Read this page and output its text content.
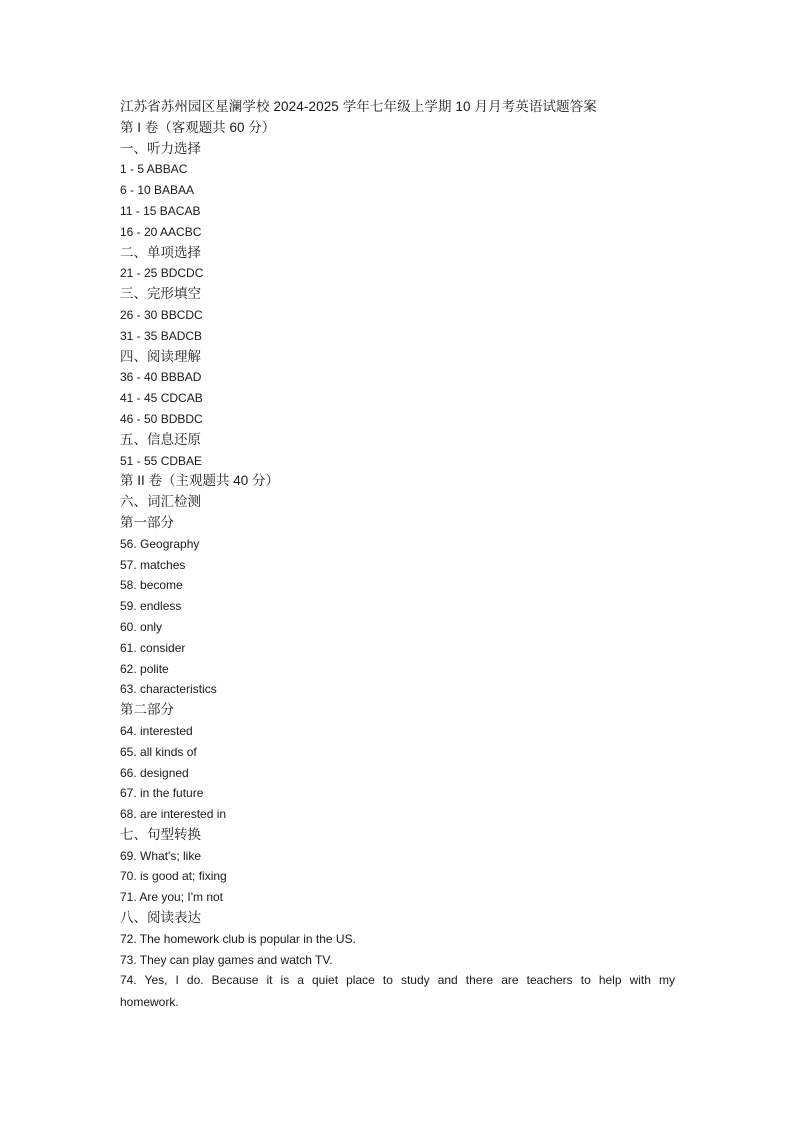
江苏省苏州园区星澜学校 2024-2025 学年七年级上学期 10 月月考英语试题答案

第 I 卷（客观题共 60 分）

一、听力选择

1 - 5 ABBAC

6 - 10 BABAA

11 - 15 BACAB

16 - 20 AACBC

二、单项选择

21 - 25 BDCDC

三、完形填空

26 - 30 BBCDC

31 - 35 BADCB

四、阅读理解

36 - 40 BBBAD

41 - 45 CDCAB

46 - 50 BDBDC

五、信息还原

51 - 55 CDBAE

第 II 卷（主观题共 40 分）

六、词汇检测

第一部分

56. Geography

57. matches

58. become

59. endless

60. only

61. consider

62. polite

63. characteristics

第二部分

64. interested

65. all kinds of

66. designed

67. in the future

68. are interested in

七、句型转换

69. What's; like

70. is good at; fixing

71. Are you; I'm not

八、阅读表达

72. The homework club is popular in the US.

73. They can play games and watch TV.

74. Yes, I do. Because it is a quiet place to study and there are teachers to help with my homework.
